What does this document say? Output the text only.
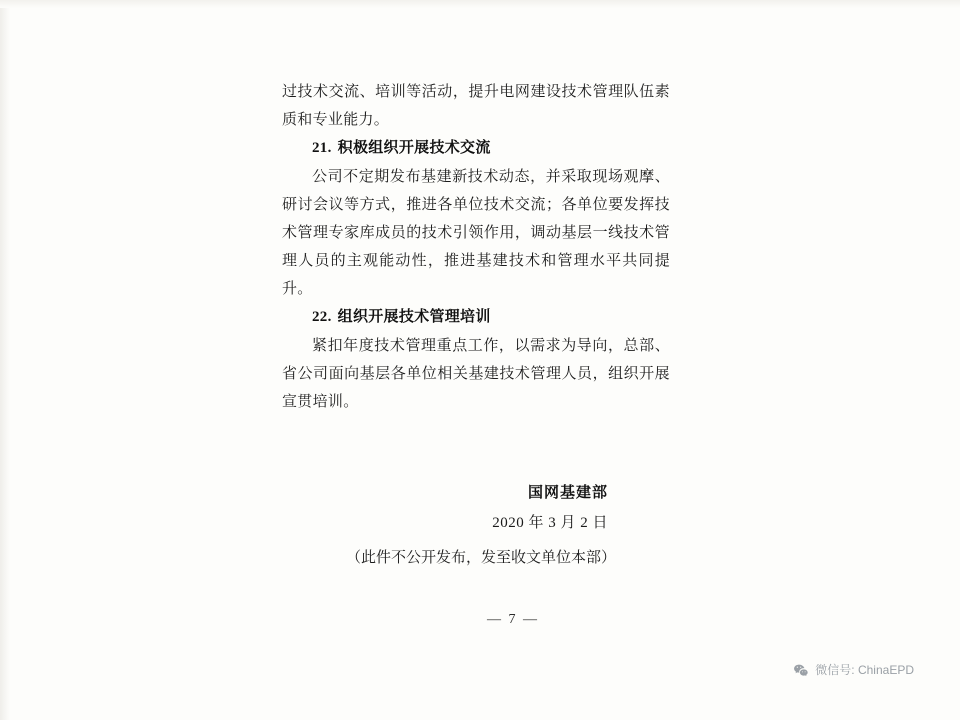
过技术交流、培训等活动，提升电网建设技术管理队伍素质和专业能力。

21. 积极组织开展技术交流

公司不定期发布基建新技术动态，并采取现场观摩、研讨会议等方式，推进各单位技术交流；各单位要发挥技术管理专家库成员的技术引领作用，调动基层一线技术管理人员的主观能动性，推进基建技术和管理水平共同提升。

22. 组织开展技术管理培训

紧扣年度技术管理重点工作，以需求为导向，总部、省公司面向基层各单位相关基建技术管理人员，组织开展宣贯培训。

国网基建部
2020 年 3 月 2 日
（此件不公开发布，发至收文单位本部）
— 7 —
微信号: ChinaEPD
